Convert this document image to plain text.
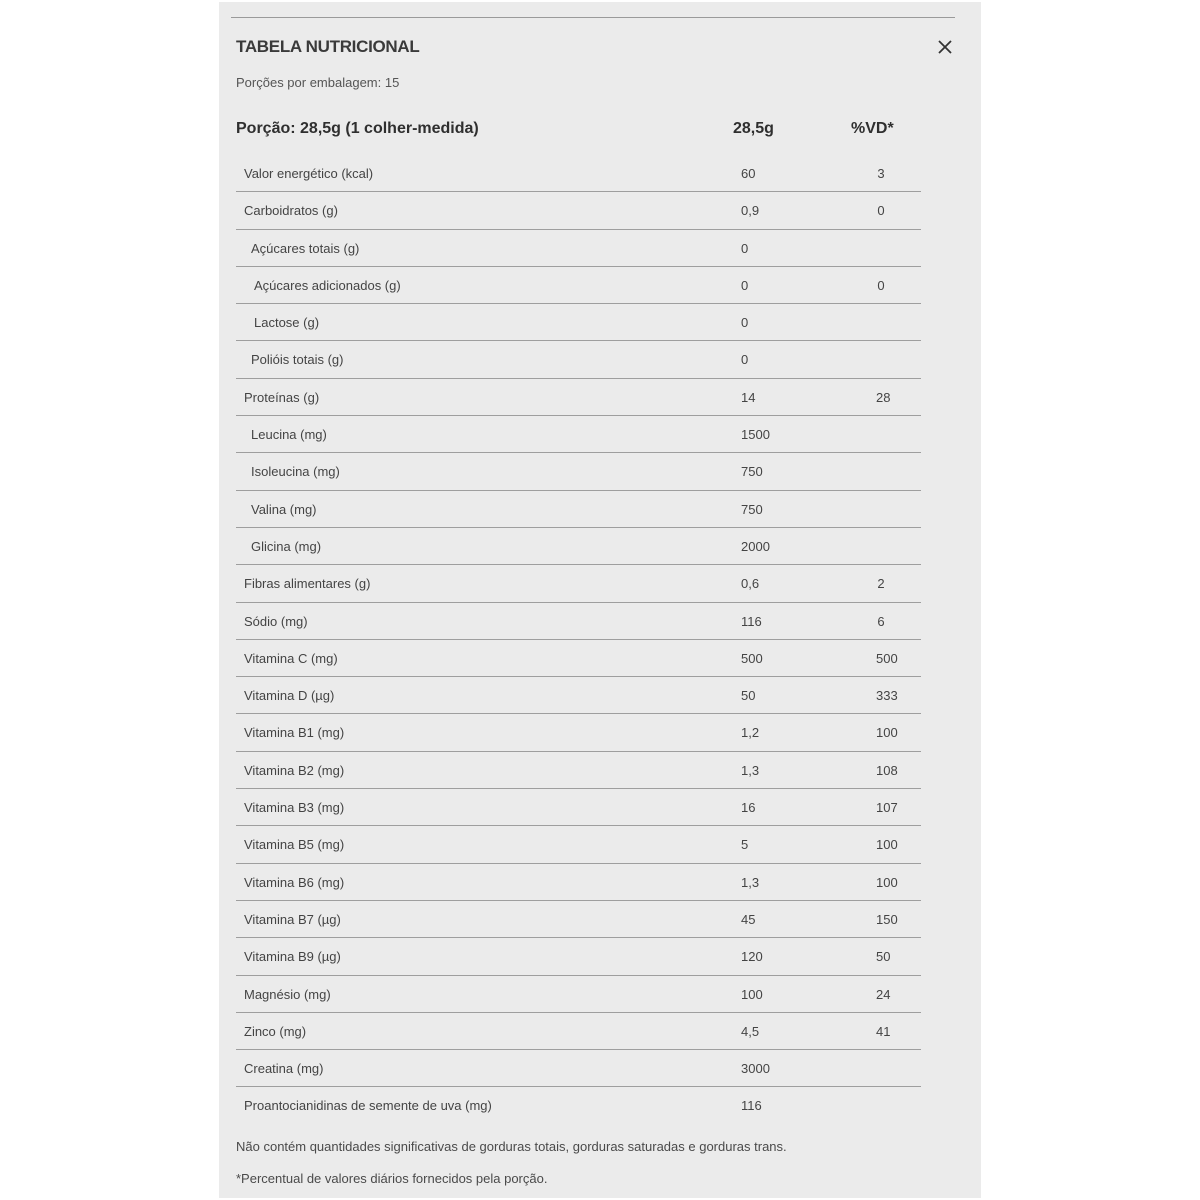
TABELA NUTRICIONAL
Porções por embalagem: 15
Porção: 28,5g (1 colher-medida)	28,5g	%VD*
Valor energético (kcal)	60	3
Carboidratos (g)	0,9	0
Açúcares totais (g)	0
Açúcares adicionados (g)	0	0
Lactose (g)	0
Polióis totais (g)	0
Proteínas (g)	14	28
Leucina (mg)	1500
Isoleucina (mg)	750
Valina (mg)	750
Glicina (mg)	2000
Fibras alimentares (g)	0,6	2
Sódio (mg)	116	6
Vitamina C (mg)	500	500
Vitamina D (µg)	50	333
Vitamina B1 (mg)	1,2	100
Vitamina B2 (mg)	1,3	108
Vitamina B3 (mg)	16	107
Vitamina B5 (mg)	5	100
Vitamina B6 (mg)	1,3	100
Vitamina B7 (µg)	45	150
Vitamina B9 (µg)	120	50
Magnésio (mg)	100	24
Zinco (mg)	4,5	41
Creatina (mg)	3000
Proantocianidinas de semente de uva (mg)	116
Não contém quantidades significativas de gorduras totais, gorduras saturadas e gorduras trans.
*Percentual de valores diários fornecidos pela porção.
